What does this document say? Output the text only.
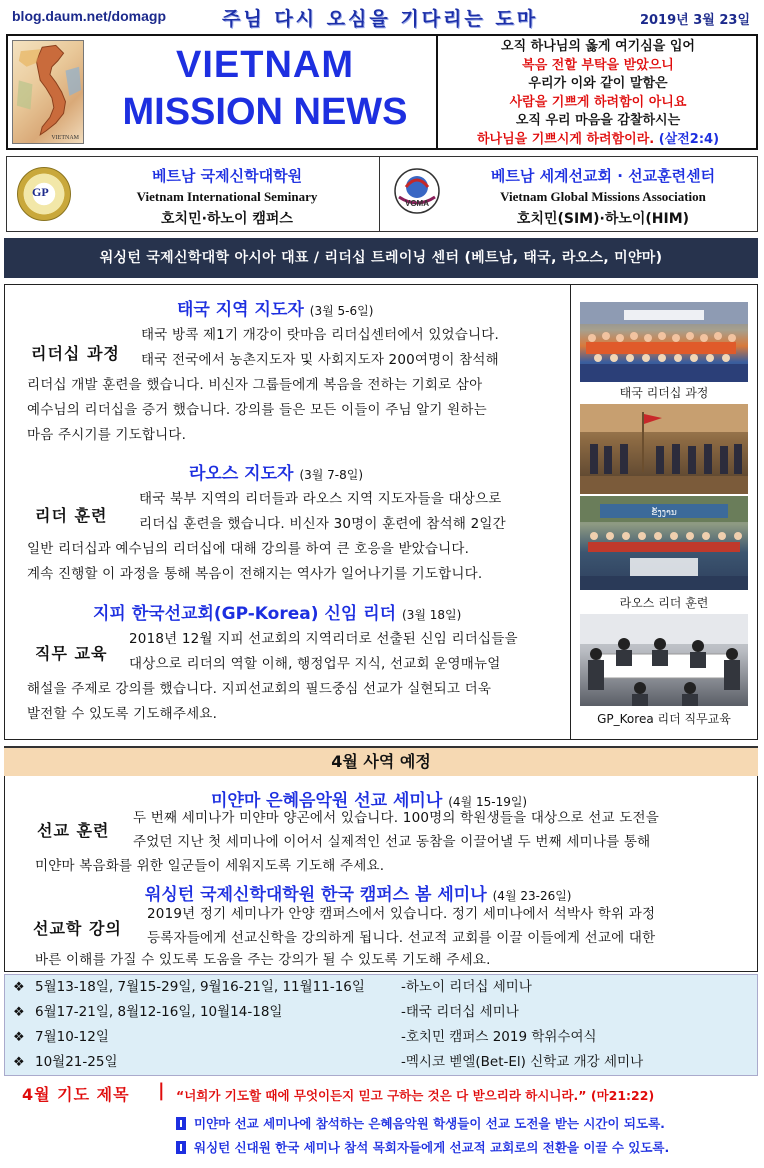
blog.daum.net/domagp	주님 다시 오심을 기다리는 도마	2019년 3월 23일
VIETNAM
VIETNAM
MISSION NEWS
오직 하나님의 옳게 여기심을 입어
복음 전할 부탁을 받았으니
우리가 이와 같이 말함은
사람을 기쁘게 하려함이 아니요
오직 우리 마음을 감찰하시는
하나님을 기쁘시게 하려함이라. (살전2:4)
GP
베트남 국제신학대학원
Vietnam International Seminary
호치민·하노이 캠퍼스
VGMA
베트남 세계선교회 · 선교훈련센터
Vietnam Global Missions Association
호치민(SIM)·하노이(HIM)
워싱턴 국제신학대학 아시아 대표 / 리더십 트레이닝 센터 (베트남, 태국, 라오스, 미얀마)
태국 지역 지도자 (3월 5-6일)
리더십 과정
태국 방콕 제1기 개강이 랏마음 리더십센터에서 있었습니다.
태국 전국에서 농촌지도자 및 사회지도자 200여명이 참석해
리더십 개발 훈련을 했습니다. 비신자 그룹들에게 복음을 전하는 기회로 삼아
예수님의 리더십을 증거 했습니다. 강의를 들은 모든 이들이 주님 알기 원하는
마음 주시기를 기도합니다.
라오스 지도자 (3월 7-8일)
리더 훈련
태국 북부 지역의 리더들과 라오스 지역 지도자들을 대상으로
리더십 훈련을 했습니다. 비신자 30명이 훈련에 참석해 2일간
일반 리더십과 예수님의 리더십에 대해 강의를 하여 큰 호응을 받았습니다.
계속 진행할 이 과정을 통해 복음이 전해지는 역사가 일어나기를 기도합니다.
지피 한국선교회(GP-Korea) 신임 리더 (3월 18일)
직무 교육
2018년 12월 지피 선교회의 지역리더로 선출된 신임 리더십들을
대상으로 리더의 역할 이해, 행정업무 지식, 선교회 운영매뉴얼
해설을 주제로 강의를 했습니다. 지피선교회의 필드중심 선교가 실현되고 더욱
발전할 수 있도록 기도해주세요.
태국 리더십 과정
ຂໍ້ງງານ
라오스 리더 훈련
GP_Korea 리더 직무교육
4월 사역 예정
미얀마 은혜음악원 선교 세미나 (4월 15-19일)
선교 훈련
두 번째 세미나가 미얀마 양곤에서 있습니다. 100명의 학원생들을 대상으로 선교 도전을
주었던 지난 첫 세미나에 이어서 실제적인 선교 동참을 이끌어낼 두 번째 세미나를 통해
미얀마 복음화를 위한 일군들이 세워지도록 기도해 주세요.
워싱턴 국제신학대학원 한국 캠퍼스 봄 세미나 (4월 23-26일)
선교학 강의
2019년 정기 세미나가 안양 캠퍼스에서 있습니다. 정기 세미나에서 석박사 학위 과정
등록자들에게 선교신학을 강의하게 됩니다. 선교적 교회를 이끌 이들에게 선교에 대한
바른 이해를 가질 수 있도록 도움을 주는 강의가 될 수 있도록 기도해 주세요.
❖ 5월13-18일, 7월15-29일, 9월16-21일, 11월11-16일	-하노이 리더십 세미나
❖ 6월17-21일, 8월12-16일, 10월14-18일	-태국 리더십 세미나
❖ 7월10-12일	-호치민 캠퍼스 2019 학위수여식
❖ 10월21-25일	-멕시코 벧엘(Bet-El) 신학교 개강 세미나
4월 기도 제목 | “너희가 기도할 때에 무엇이든지 믿고 구하는 것은 다 받으리라 하시니라.” (마21:22)
미얀마 선교 세미나에 참석하는 은혜음악원 학생들이 선교 도전을 받는 시간이 되도록.
워싱턴 신대원 한국 세미나 참석 목회자들에게 선교적 교회로의 전환을 이끌 수 있도록.
